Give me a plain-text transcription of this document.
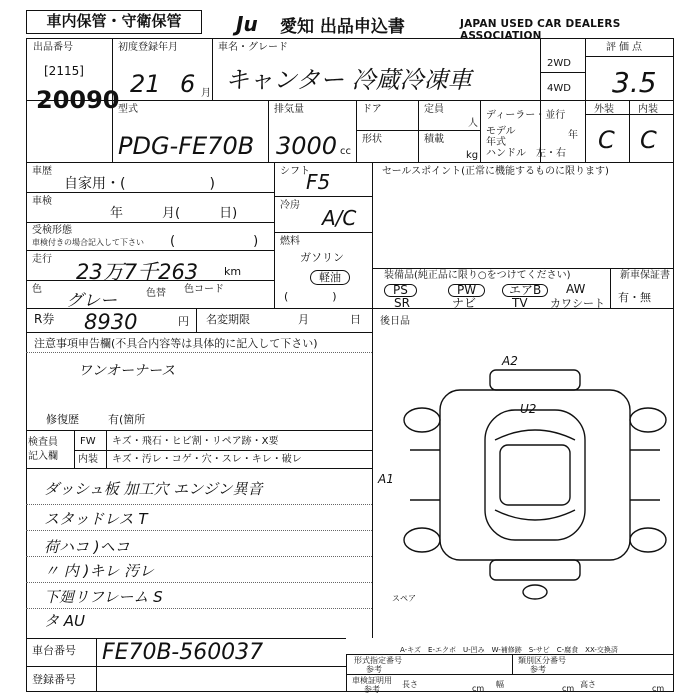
車内保管・守衛保管	Ju 愛知 出品申込書	JAPAN USED CAR DEALERS ASSOCIATION
出品番号
[2115]
20090
初度登録年月
21 6 月
車名・グレード
キャンター 冷蔵冷凍車
2WD
4WD
評価点
3.5
型式
PDG-FE70B
排気量
3000 cc
ドア	定員
人
形状	積載
kg
ディーラー・並行
モデル 年式
年
ハンドル　左・右
外装 内装
C C
車歴
自家用・(　　　　　　)
車検
年　　　月(　　　日)
受検形態
車検付きの場合記入して下さい (　　　　　　)
走行
23万7千263 km
色
グレー	色替 色コード
シフト
F5
冷房
A/C
燃料
ガソリン
軽油
(　　　　)
セールスポイント(正常に機能するものに限ります)
装備品(純正品に限り○をつけてください)	新車保証書
有・無
PS	PW	エアB	AW
SR	ナビ	TV カワシート
R券 8930	円 名変期限	月	日 後日品
注意事項申告欄(不具合内容等は具体的に記入して下さい)
ワンオーナース
修復歴	有(箇所
検査員 記入欄
FW キズ・飛石・ヒビ割・リペア跡・X要
内装 キズ・汚レ・コゲ・穴・スレ・キレ・破レ
ダッシュ板 加工穴 エンジン異音
スタッドレス T
荷ハコ )ヘコ
〃 内 )キレ 汚レ
下廻リフレーム S
タ AU
A2
U2
A1
スペア
A-キズ　E-エクボ　U-凹み　W-補修跡　S-サビ　C-腐食　XX-交換済
車台番号 FE70B-560037
登録番号
形式指定番号
参考
類別区分番号
参考
車検証明用
参考
長さ	cm 幅	cm 高さ	cm
